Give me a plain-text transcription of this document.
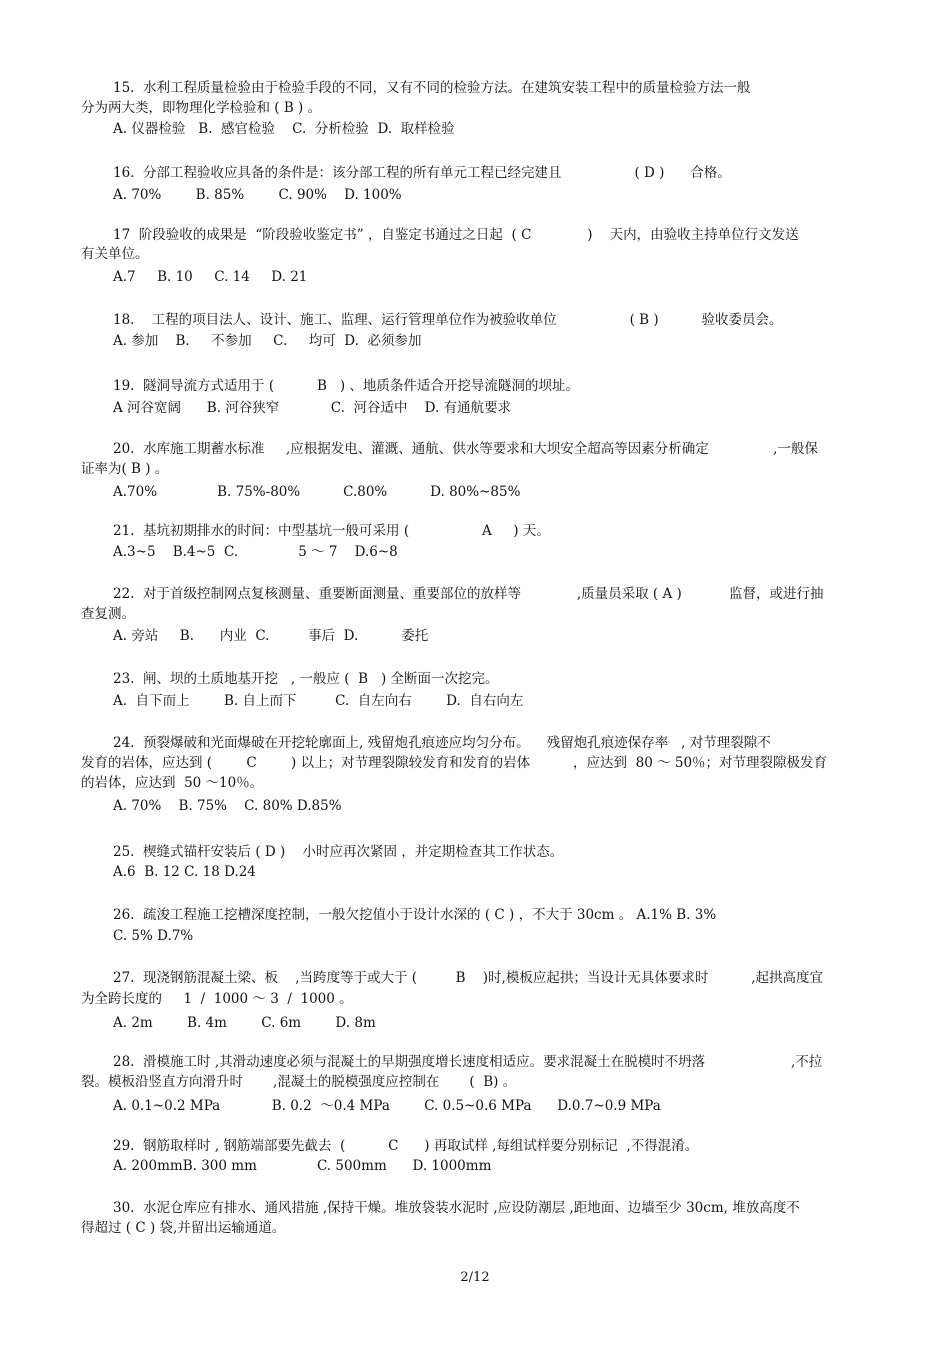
15.  水利工程质量检验由于检验手段的不同，又有不同的检验方法。在建筑安装工程中的质量检验方法一般
分为两大类，即物理化学检验和 ( B ) 。
A. 仪器检验   B.  感官检验    C.  分析检验  D.  取样检验
16.  分部工程验收应具备的条件是：该分部工程的所有单元工程已经完建且                 ( D )      合格。
A. 70%        B. 85%        C. 90%    D. 100%
17  阶段验收的成果是  “阶段验收鉴定书” ，自鉴定书通过之日起  ( C             )    天内，由验收主持单位行文发送
有关单位。
A.7     B. 10     C. 14     D. 21
18.    工程的项目法人、设计、施工、监理、运行管理单位作为被验收单位                 ( B )          验收委员会。
A. 参加    B.     不参加     C.     均可  D.  必须参加
19.  隧洞导流方式适用于 (          B   ) 、地质条件适合开挖导流隧洞的坝址。
A 河谷宽阔      B. 河谷狭窄            C.  河谷适中    D. 有通航要求
20.  水库施工期蓄水标准     ,应根据发电、灌溉、通航、供水等要求和大坝安全超高等因素分析确定               ,一般保
证率为( B ) 。
A.70%              B. 75%-80%          C.80%          D. 80%~85%
21.  基坑初期排水的时间：中型基坑一般可采用 (                 A     ) 天。
A.3~5    B.4~5  C.              5 ～ 7    D.6~8
22.  对于首级控制网点复核测量、重要断面测量、重要部位的放样等             ,质量员采取 ( A )           监督，或进行抽
查复测。
A. 旁站     B.      内业  C.         事后  D.          委托
23.  闸、坝的土质地基开挖   , 一般应 (  B   ) 全断面一次挖完。
A.  自下而上        B. 自上而下         C.  自左向右        D.  自右向左
24.  预裂爆破和光面爆破在开挖轮廓面上, 残留炮孔痕迹应均匀分布。    残留炮孔痕迹保存率   , 对节理裂隙不
发育的岩体，应达到 (        C        ) 以上；对节理裂隙较发育和发育的岩体          ，应达到  80 ～ 50％；对节理裂隙极发育
的岩体，应达到  50 ～10％。
A. 70%    B. 75%    C. 80% D.85%
25.  楔缝式锚杆安装后 ( D )    小时应再次紧固 ，并定期检查其工作状态。
A.6  B. 12 C. 18 D.24
26.  疏浚工程施工挖槽深度控制，一般欠挖值小于设计水深的 ( C ) ，不大于 30cm 。 A.1% B. 3%
C. 5% D.7%
27.  现浇钢筋混凝土梁、板    ,当跨度等于或大于 (         B    )时,模板应起拱；当设计无具体要求时          ,起拱高度宜
为全跨长度的     1  /  1000 ～ 3  /  1000 。
A. 2m        B. 4m        C. 6m        D. 8m
28.  滑模施工时 ,其滑动速度必须与混凝土的早期强度增长速度相适应。要求混凝土在脱模时不坍落                    ,不拉
裂。模板沿竖直方向滑升时       ,混凝土的脱模强度应控制在       (  B) 。
A. 0.1~0.2 MPa            B. 0.2  ～0.4 MPa        C. 0.5~0.6 MPa      D.0.7~0.9 MPa
29.  钢筋取样时 , 钢筋端部要先截去  (          C      ) 再取试样 ,每组试样要分别标记  ,不得混淆。
A. 200mmB. 300 mm              C. 500mm      D. 1000mm
30.  水泥仓库应有排水、通风措施 ,保持干燥。堆放袋装水泥时 ,应设防潮层 ,距地面、边墙至少 30cm, 堆放高度不
得超过 ( C ) 袋,并留出运输通道。
2/12
